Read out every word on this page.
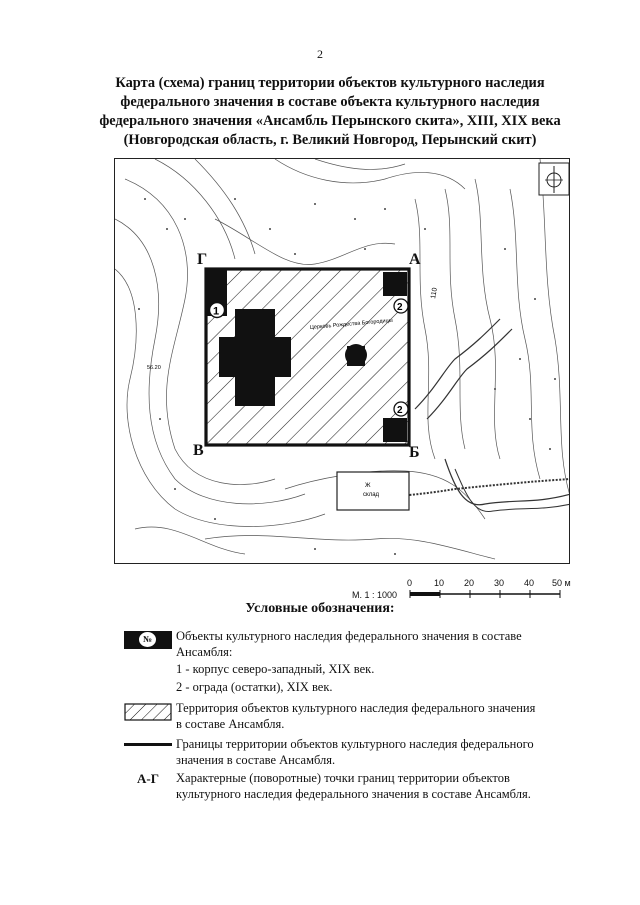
2
Карта (схема) границ территории объектов культурного наследия
федерального значения в составе объекта культурного наследия
федерального значения «Ансамбль Перынского скита», XIII, XIX века
(Новгородская область, г. Великий Новгород, Перынский скит)
Ж
склад
Церковь Рождества Богородицы
1	2
2
110
56.20
Г	А
В	Б
М. 1 : 1000
0 10 20 30 40 50 м
Условные обозначения:
№	Объекты культурного наследия федерального значения в составе Ансамбля:
1 - корпус северо-западный, XIX век.
2 - ограда (остатки), XIX век.
Территория объектов культурного наследия федерального значения в составе Ансамбля.
Границы территории объектов культурного наследия федерального значения в составе Ансамбля.
А-Г	Характерные (поворотные) точки границ территории объектов культурного наследия федерального значения в составе Ансамбля.
